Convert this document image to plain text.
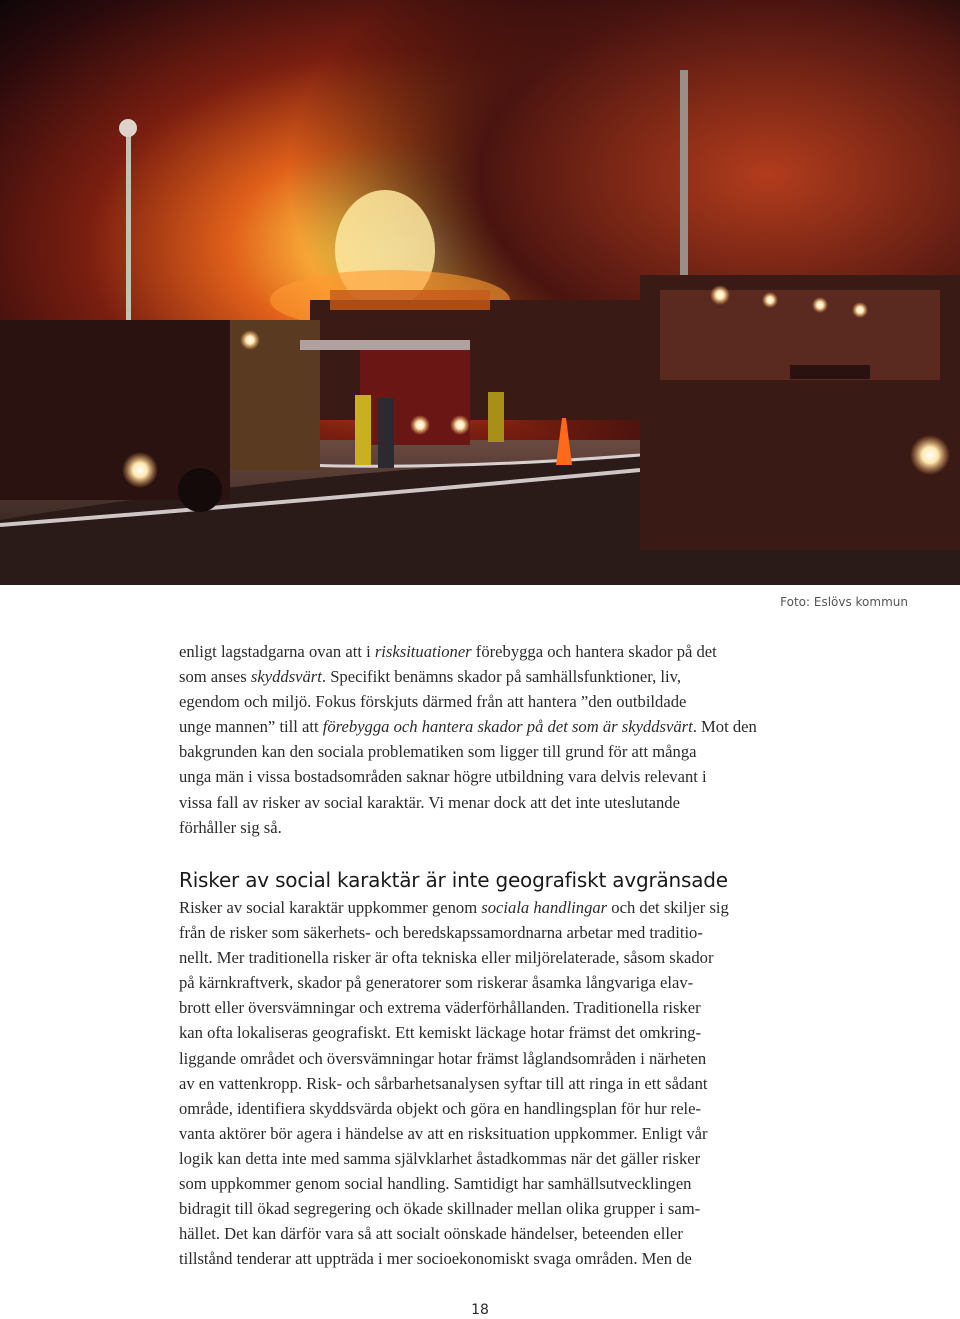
Foto: Eslövs kommun
enligt lagstadgarna ovan att i risksituationer förebygga och hantera skador på det
som anses skyddsvärt. Specifikt benämns skador på samhällsfunktioner, liv,
egendom och miljö. Fokus förskjuts därmed från att hantera ”den outbildade
unge mannen” till att förebygga och hantera skador på det som är skyddsvärt. Mot den
bakgrunden kan den sociala problematiken som ligger till grund för att många
unga män i vissa bostadsområden saknar högre utbildning vara delvis relevant i
vissa fall av risker av social karaktär. Vi menar dock att det inte uteslutande
förhåller sig så.
Risker av social karaktär är inte geografiskt avgränsade
Risker av social karaktär uppkommer genom sociala handlingar och det skiljer sig
från de risker som säkerhets- och beredskapssamordnarna arbetar med traditio-
nellt. Mer traditionella risker är ofta tekniska eller miljörelaterade, såsom skador
på kärnkraftverk, skador på generatorer som riskerar åsamka långvariga elav-
brott eller översvämningar och extrema väderförhållanden. Traditionella risker
kan ofta lokaliseras geografiskt. Ett kemiskt läckage hotar främst det omkring-
liggande området och översvämningar hotar främst låglandsområden i närheten
av en vattenkropp. Risk- och sårbarhetsanalysen syftar till att ringa in ett sådant
område, identifiera skyddsvärda objekt och göra en handlingsplan för hur rele-
vanta aktörer bör agera i händelse av att en risksituation uppkommer. Enligt vår
logik kan detta inte med samma självklarhet åstadkommas när det gäller risker
som uppkommer genom social handling. Samtidigt har samhällsutvecklingen
bidragit till ökad segregering och ökade skillnader mellan olika grupper i sam-
hället. Det kan därför vara så att socialt oönskade händelser, beteenden eller
tillstånd tenderar att uppträda i mer socioekonomiskt svaga områden. Men de
18
